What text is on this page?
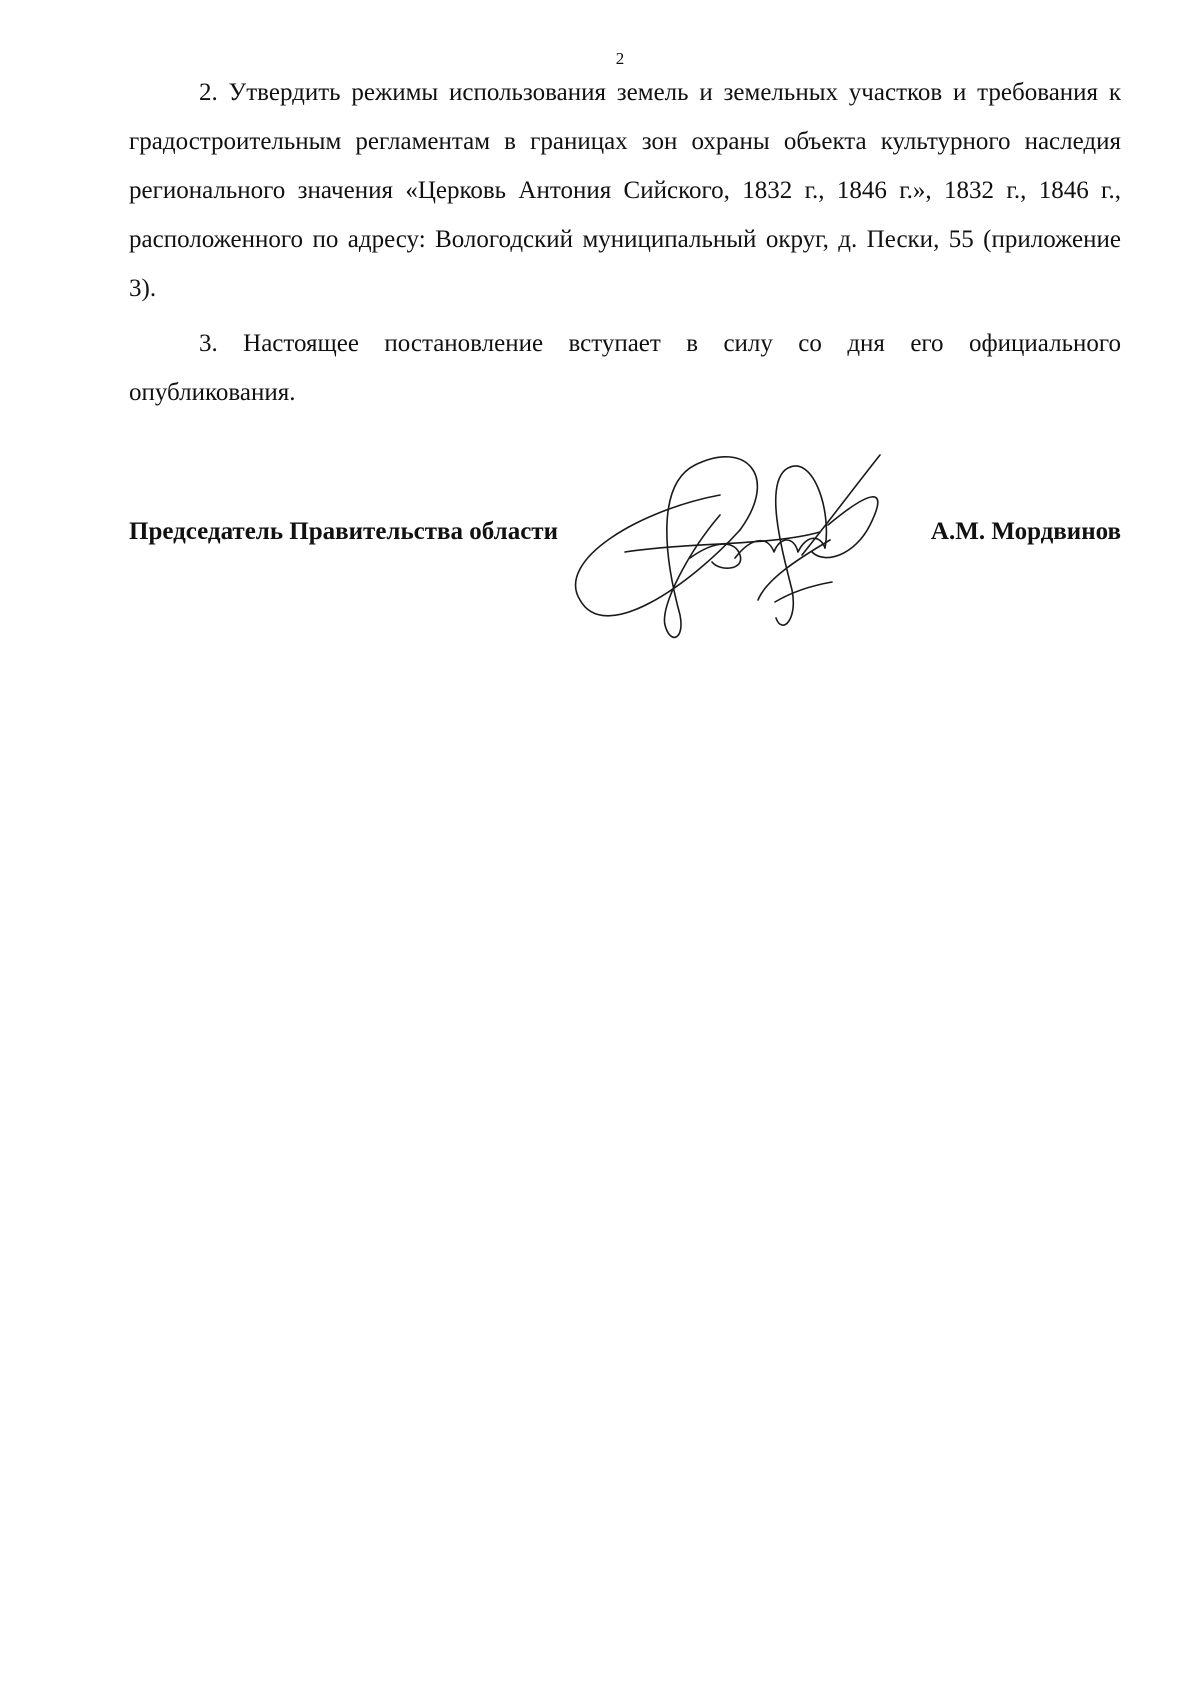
2

2. Утвердить режимы использования земель и земельных участков и требования к градостроительным регламентам в границах зон охраны объекта культурного наследия регионального значения «Церковь Антония Сийского, 1832 г., 1846 г.», 1832 г., 1846 г., расположенного по адресу: Вологодский муниципальный округ, д. Пески, 55 (приложение 3).

3. Настоящее постановление вступает в силу со дня его официального опубликования.

Председатель Правительства области	А.М. Мордвинов
